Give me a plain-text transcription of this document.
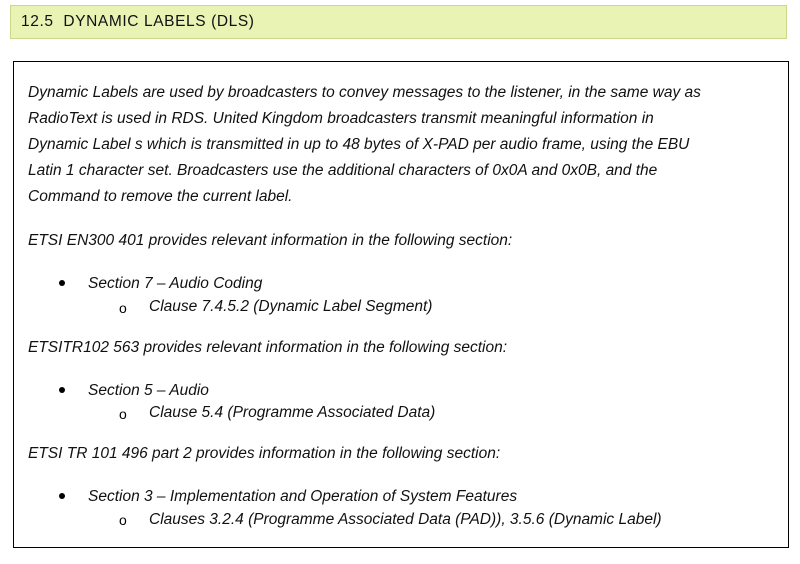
12.5 DYNAMIC LABELS (DLS)
Dynamic Labels are used by broadcasters to convey messages to the listener, in the same way as
RadioText is used in RDS. United Kingdom broadcasters transmit meaningful information in
Dynamic Label s which is transmitted in up to 48 bytes of X-PAD per audio frame, using the EBU
Latin 1 character set. Broadcasters use the additional characters of 0x0A and 0x0B, and the
Command to remove the current label.
ETSI EN300 401 provides relevant information in the following section:
Section 7 – Audio Coding
o Clause 7.4.5.2 (Dynamic Label Segment)
ETSITR102 563 provides relevant information in the following section:
Section 5 – Audio
o Clause 5.4 (Programme Associated Data)
ETSI TR 101 496 part 2 provides information in the following section:
Section 3 – Implementation and Operation of System Features
o Clauses 3.2.4 (Programme Associated Data (PAD)), 3.5.6 (Dynamic Label)
